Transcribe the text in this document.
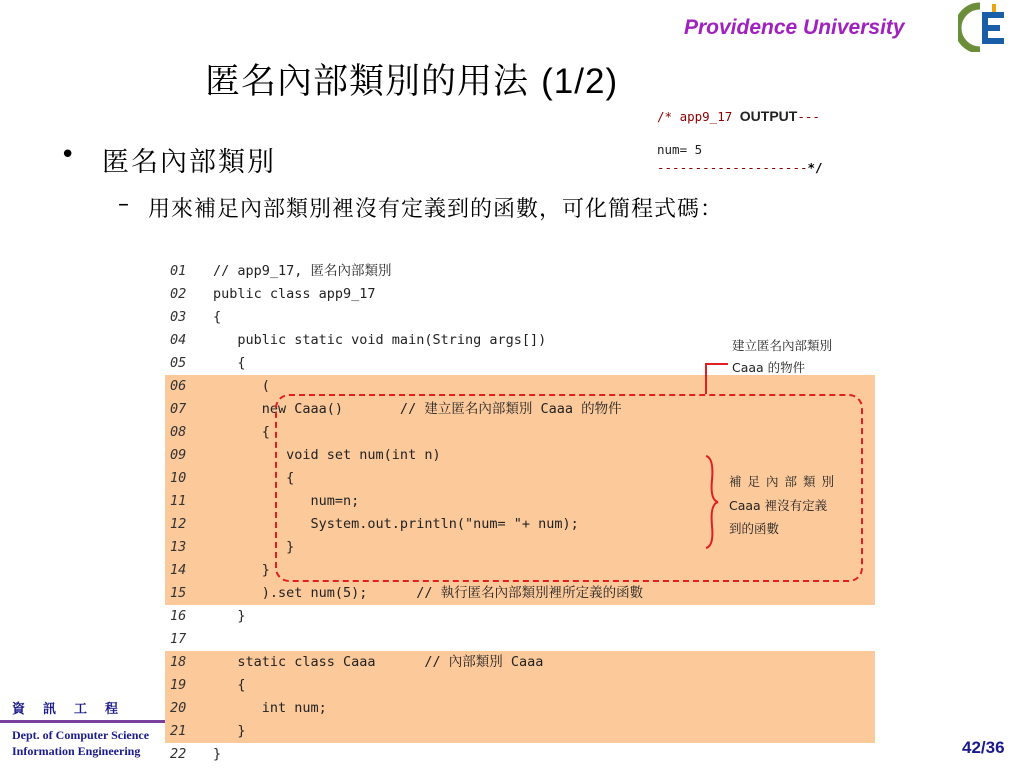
Providence University
匿名內部類別的用法 (1/2)
/* app9_17 OUTPUT---
num= 5
--------------------*/
• 匿名內部類別
– 用來補足內部類別裡沒有定義到的函數，可化簡程式碼：
01	// app9_17, 匿名內部類別
02	public class app9_17
03	{
04	public static void main(String args[])
05	{
06	(
07	new Caaa()       // 建立匿名內部類別 Caaa 的物件
08	{
09	void set num(int n)
10	{
11	num=n;
12	System.out.println("num= "+ num);
13	}
14	}
15	).set num(5);      // 執行匿名內部類別裡所定義的函數
16	}
17
18	static class Caaa      // 內部類別 Caaa
19	{
20	int num;
21	}
22	}
建立匿名內部類別
Caaa 的物件
補足內部類別
Caaa 裡沒有定義
到的函數
資訊工程
Dept. of Computer Science
Information Engineering	42/36
